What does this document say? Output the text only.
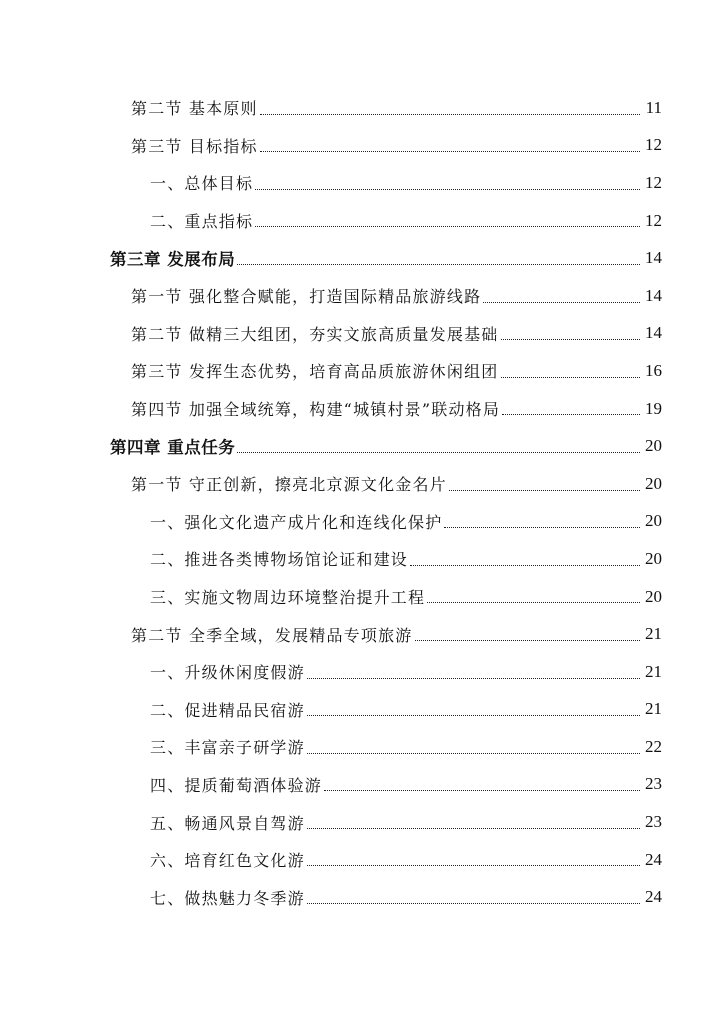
第二节 基本原则	11
第三节 目标指标	12
一、总体目标	12
二、重点指标	12
第三章 发展布局	14
第一节 强化整合赋能，打造国际精品旅游线路	14
第二节 做精三大组团，夯实文旅高质量发展基础	14
第三节 发挥生态优势，培育高品质旅游休闲组团	16
第四节 加强全域统筹，构建“城镇村景”联动格局	19
第四章 重点任务	20
第一节 守正创新，擦亮北京源文化金名片	20
一、强化文化遗产成片化和连线化保护	20
二、推进各类博物场馆论证和建设	20
三、实施文物周边环境整治提升工程	20
第二节 全季全域，发展精品专项旅游	21
一、升级休闲度假游	21
二、促进精品民宿游	21
三、丰富亲子研学游	22
四、提质葡萄酒体验游	23
五、畅通风景自驾游	23
六、培育红色文化游	24
七、做热魅力冬季游	24
